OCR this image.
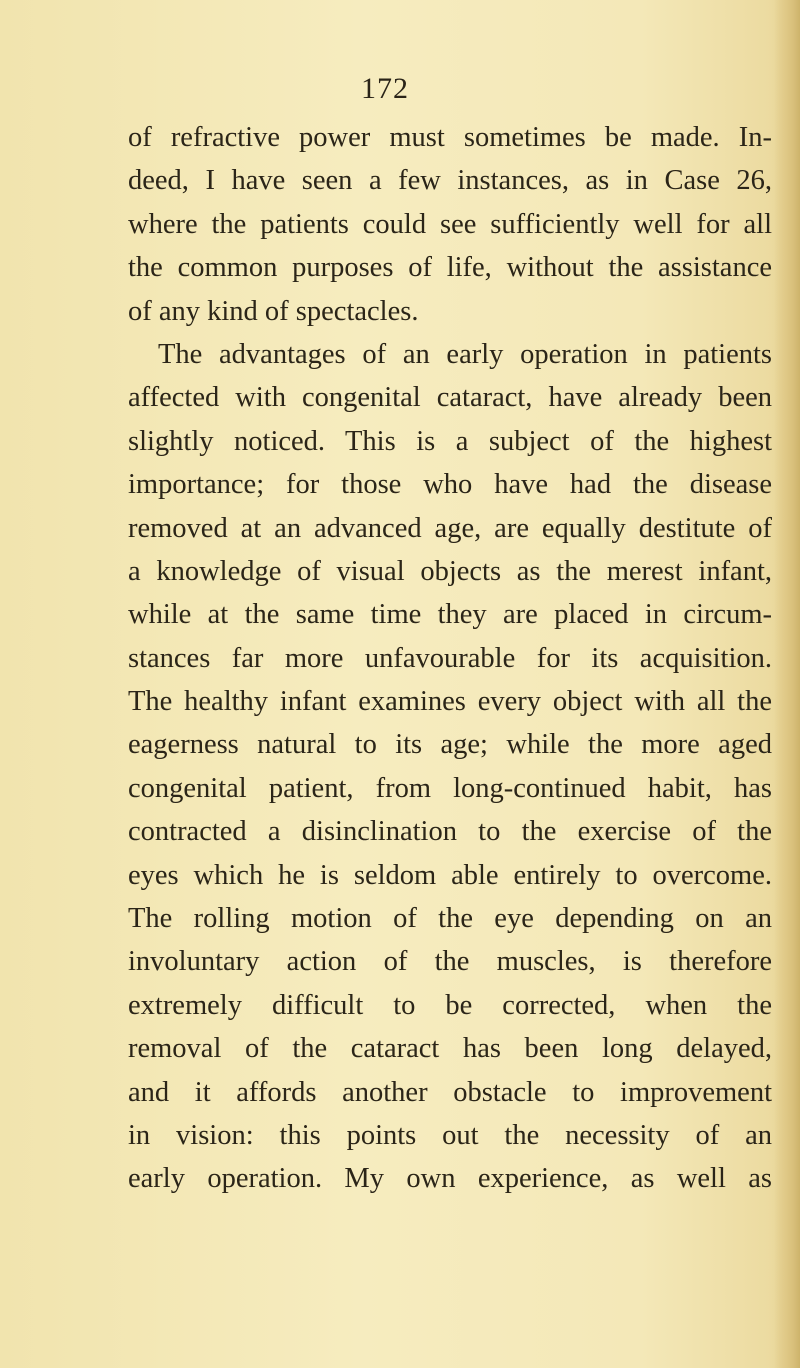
172
of refractive power must sometimes be made. In-
deed, I have seen a few instances, as in Case 26,
where the patients could see sufficiently well for all
the common purposes of life, without the assistance
of any kind of spectacles.
The advantages of an early operation in patients
affected with congenital cataract, have already been
slightly noticed. This is a subject of the highest
importance; for those who have had the disease
removed at an advanced age, are equally destitute of
a knowledge of visual objects as the merest infant,
while at the same time they are placed in circum-
stances far more unfavourable for its acquisition.
The healthy infant examines every object with all the
eagerness natural to its age; while the more aged
congenital patient, from long-continued habit, has
contracted a disinclination to the exercise of the
eyes which he is seldom able entirely to overcome.
The rolling motion of the eye depending on an
involuntary action of the muscles, is therefore
extremely difficult to be corrected, when the
removal of the cataract has been long delayed,
and it affords another obstacle to improvement
in vision: this points out the necessity of an
early operation. My own experience, as well as
